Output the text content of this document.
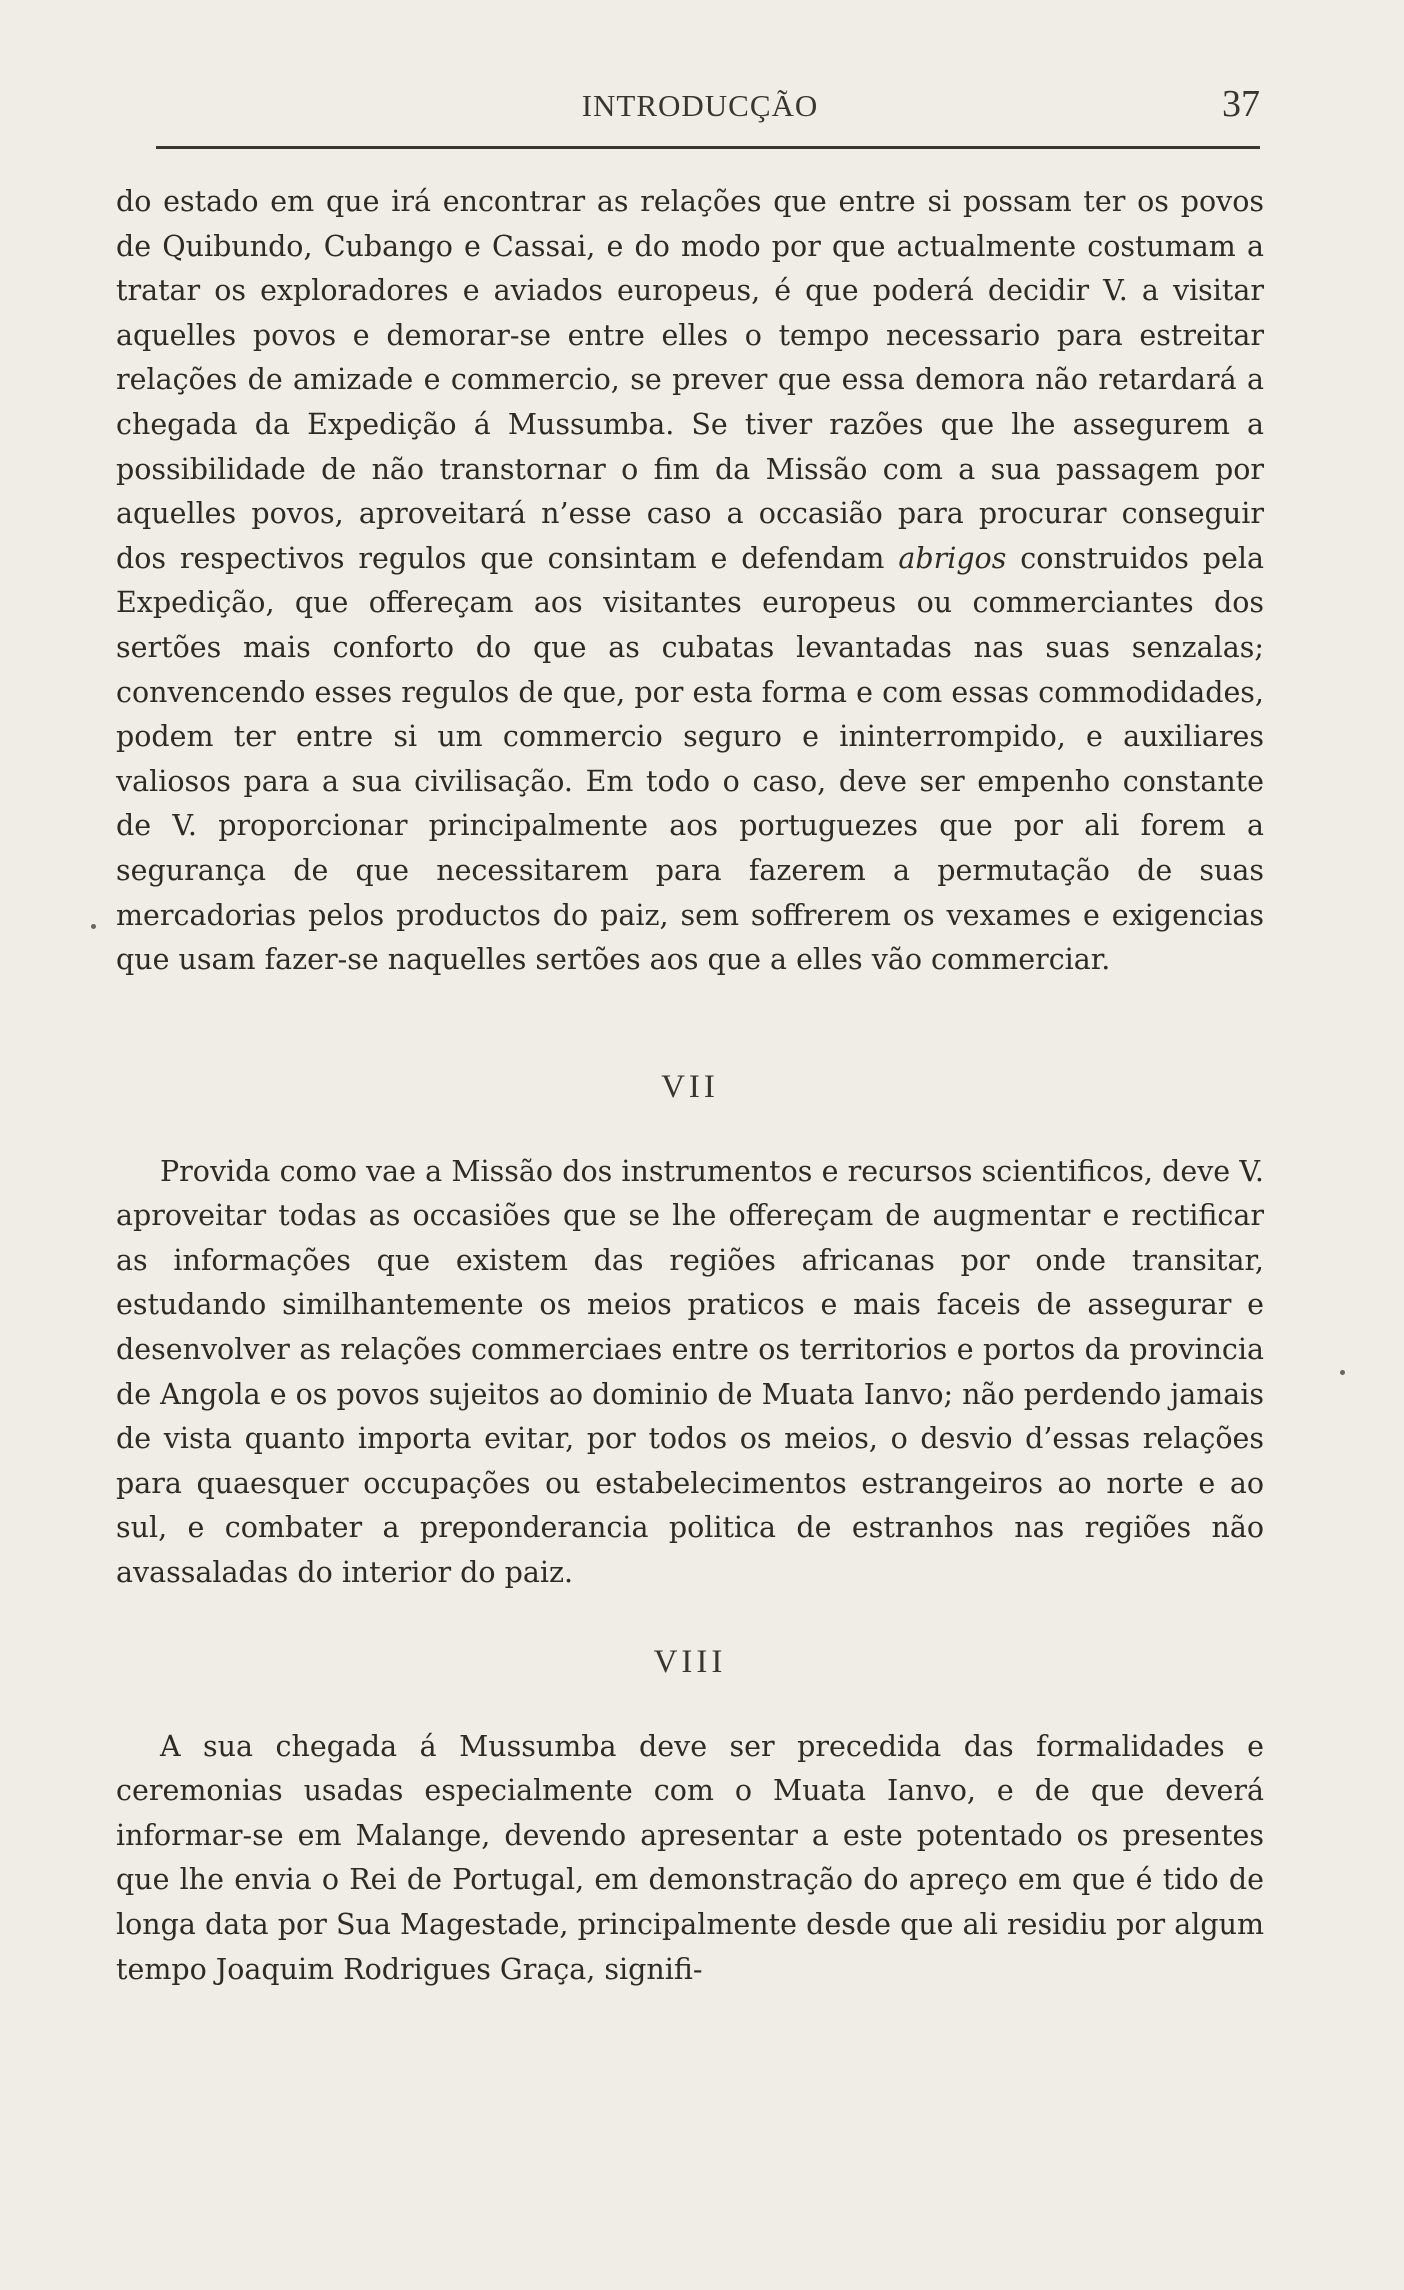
INTRODUCÇÃO	37

do estado em que irá encontrar as relações que entre si possam ter os povos de Quibundo, Cubango e Cassai, e do modo por que actualmente costumam a tratar os exploradores e aviados europeus, é que poderá decidir V. a visitar aquelles povos e demorar-se entre elles o tempo necessario para estreitar relações de amizade e commercio, se prever que essa demora não retardará a chegada da Expedição á Mussumba. Se tiver razões que lhe assegurem a possibilidade de não transtornar o fim da Missão com a sua passagem por aquelles povos, aproveitará n’esse caso a occasião para procurar conseguir dos respectivos regulos que consintam e defendam abrigos construidos pela Expedição, que offereçam aos visitantes europeus ou commerciantes dos sertões mais conforto do que as cubatas levantadas nas suas senzalas; convencendo esses regulos de que, por esta forma e com essas commodidades, podem ter entre si um commercio seguro e ininterrompido, e auxiliares valiosos para a sua civilisação. Em todo o caso, deve ser empenho constante de V. proporcionar principalmente aos portuguezes que por ali forem a segurança de que necessitarem para fazerem a permutação de suas mercadorias pelos productos do paiz, sem soffrerem os vexames e exigencias que usam fazer-se naquelles sertões aos que a elles vão commerciar.

VII

Provida como vae a Missão dos instrumentos e recursos scientificos, deve V. aproveitar todas as occasiões que se lhe offereçam de augmentar e rectificar as informações que existem das regiões africanas por onde transitar, estudando similhantemente os meios praticos e mais faceis de assegurar e desenvolver as relações commerciaes entre os territorios e portos da provincia de Angola e os povos sujeitos ao dominio de Muata Ianvo; não perdendo jamais de vista quanto importa evitar, por todos os meios, o desvio d’essas relações para quaesquer occupações ou estabelecimentos estrangeiros ao norte e ao sul, e combater a preponderancia politica de estranhos nas regiões não avassaladas do interior do paiz.

VIII

A sua chegada á Mussumba deve ser precedida das formalidades e ceremonias usadas especialmente com o Muata Ianvo, e de que deverá informar-se em Malange, devendo apresentar a este potentado os presentes que lhe envia o Rei de Portugal, em demonstração do apreço em que é tido de longa data por Sua Magestade, principalmente desde que ali residiu por algum tempo Joaquim Rodrigues Graça, signifi-
